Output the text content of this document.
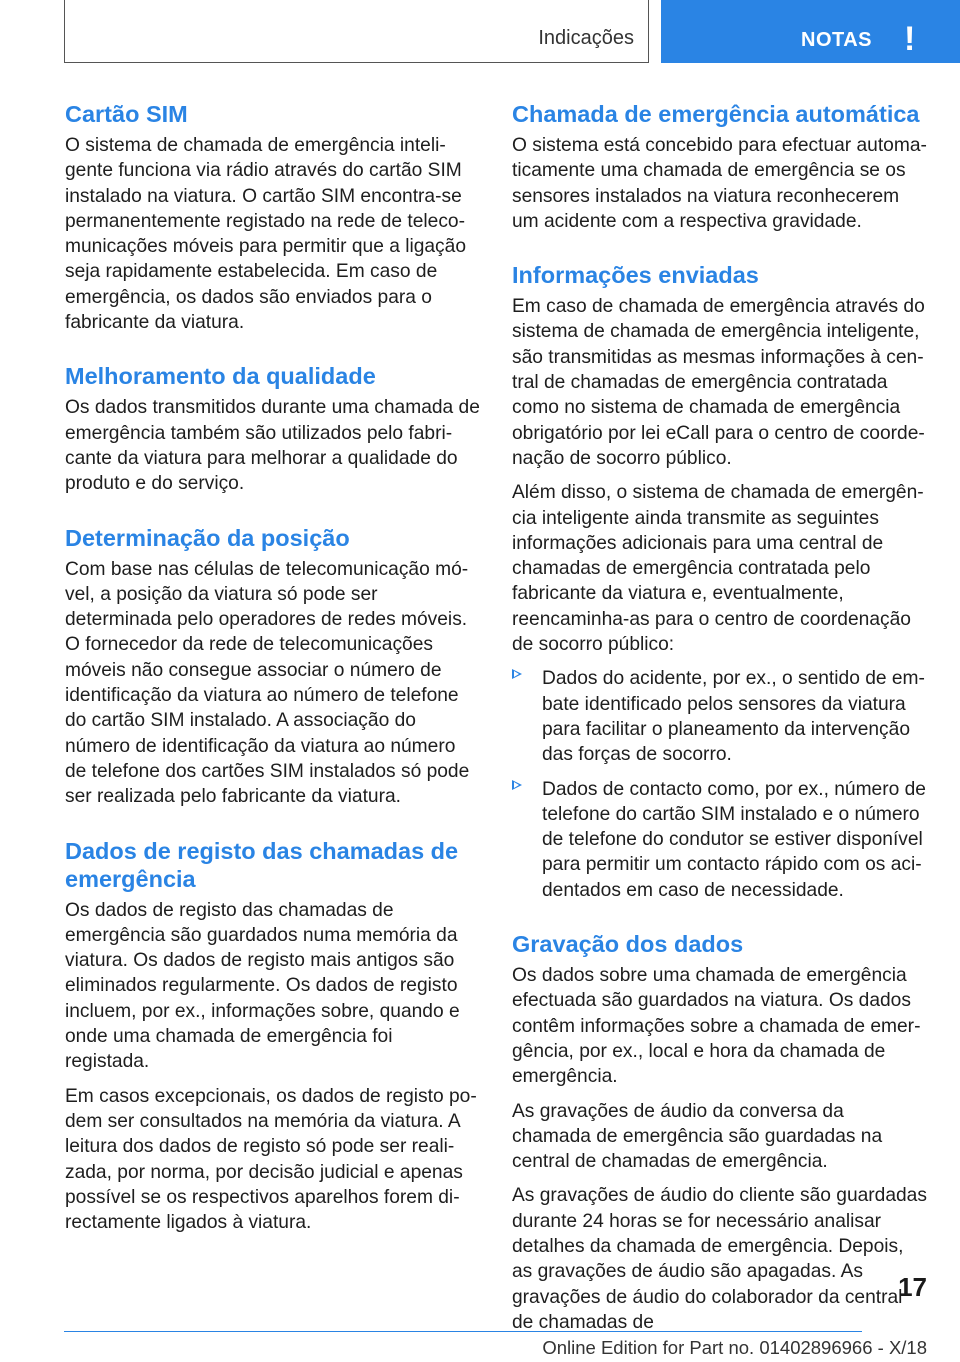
Indicações	NOTAS !
Cartão SIM

O sistema de chamada de emergência inteligente funciona via rádio através do cartão SIM instalado na viatura. O cartão SIM encontra-se permanentemente registado na rede de telecomunicações móveis para permitir que a ligação seja rapidamente estabelecida. Em caso de emergência, os dados são enviados para o fabricante da viatura.

Melhoramento da qualidade

Os dados transmitidos durante uma chamada de emergência também são utilizados pelo fabricante da viatura para melhorar a qualidade do produto e do serviço.

Determinação da posição

Com base nas células de telecomunicação móvel, a posição da viatura só pode ser determinada pelo operadores de redes móveis. O fornecedor da rede de telecomunicações móveis não consegue associar o número de identificação da viatura ao número de telefone do cartão SIM instalado. A associação do número de identificação da viatura ao número de telefone dos cartões SIM instalados só pode ser realizada pelo fabricante da viatura.

Dados de registo das chamadas de emergência

Os dados de registo das chamadas de emergência são guardados numa memória da viatura. Os dados de registo mais antigos são eliminados regularmente. Os dados de registo incluem, por ex., informações sobre, quando e onde uma chamada de emergência foi registada.

Em casos excepcionais, os dados de registo podem ser consultados na memória da viatura. A leitura dos dados de registo só pode ser realizada, por norma, por decisão judicial e apenas possível se os respectivos aparelhos forem directamente ligados à viatura.

Chamada de emergência automática

O sistema está concebido para efectuar automaticamente uma chamada de emergência se os sensores instalados na viatura reconhecerem um acidente com a respectiva gravidade.

Informações enviadas

Em caso de chamada de emergência através do sistema de chamada de emergência inteligente, são transmitidas as mesmas informações à central de chamadas de emergência contratada como no sistema de chamada de emergência obrigatório por lei eCall para o centro de coordenação de socorro público.

Além disso, o sistema de chamada de emergência inteligente ainda transmite as seguintes informações adicionais para uma central de chamadas de emergência contratada pelo fabricante da viatura e, eventualmente, reencaminha-as para o centro de coordenação de socorro público:

Dados do acidente, por ex., o sentido de embate identificado pelos sensores da viatura para facilitar o planeamento da intervenção das forças de socorro.
Dados de contacto como, por ex., número de telefone do cartão SIM instalado e o número de telefone do condutor se estiver disponível para permitir um contacto rápido com os acidentados em caso de necessidade.
Gravação dos dados

Os dados sobre uma chamada de emergência efectuada são guardados na viatura. Os dados contêm informações sobre a chamada de emergência, por ex., local e hora da chamada de emergência.

As gravações de áudio da conversa da chamada de emergência são guardadas na central de chamadas de emergência.

As gravações de áudio do cliente são guardadas durante 24 horas se for necessário analisar detalhes da chamada de emergência. Depois, as gravações de áudio são apagadas. As gravações de áudio do colaborador da central de chamadas de

17
Online Edition for Part no. 01402896966 - X/18
